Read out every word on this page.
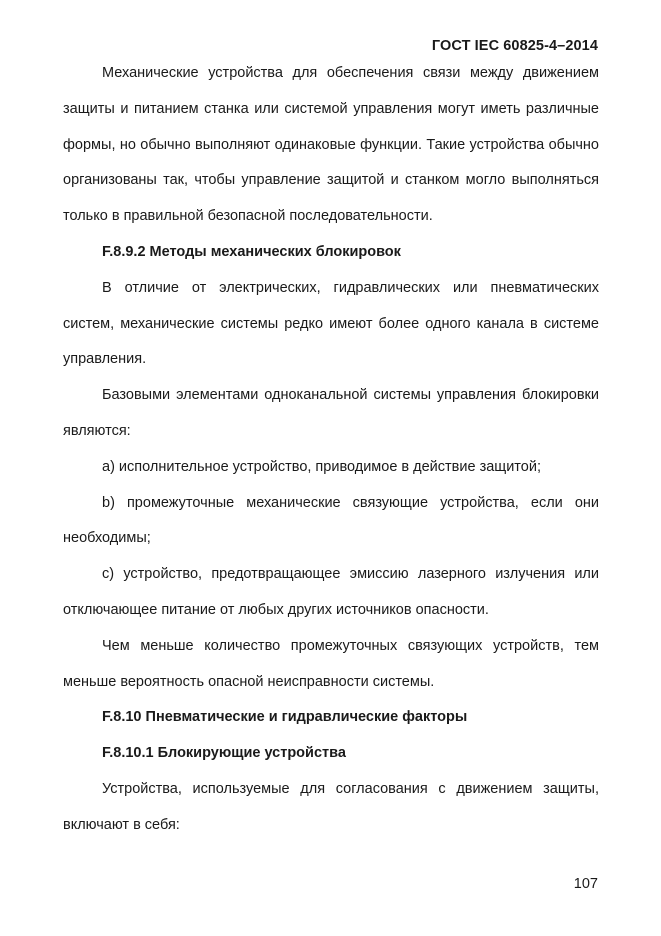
ГОСТ IEC 60825-4–2014

Механические устройства для обеспечения связи между движением защиты и питанием станка или системой управления могут иметь различные формы, но обычно выполняют одинаковые функции. Такие устройства обычно организованы так, чтобы управление защитой и станком могло выполняться только в правильной безопасной последовательности.

F.8.9.2 Методы механических блокировок

В отличие от электрических, гидравлических или пневматических систем, механические системы редко имеют более одного канала в системе управления.

Базовыми элементами одноканальной системы управления блокировки являются:

а) исполнительное устройство, приводимое в действие защитой;

b) промежуточные механические связующие устройства, если они необходимы;

с) устройство, предотвращающее эмиссию лазерного излучения или отключающее питание от любых других источников опасности.

Чем меньше количество промежуточных связующих устройств, тем меньше вероятность опасной неисправности системы.

F.8.10 Пневматические и гидравлические факторы

F.8.10.1 Блокирующие устройства

Устройства, используемые для согласования с движением защиты, включают в себя:

107
